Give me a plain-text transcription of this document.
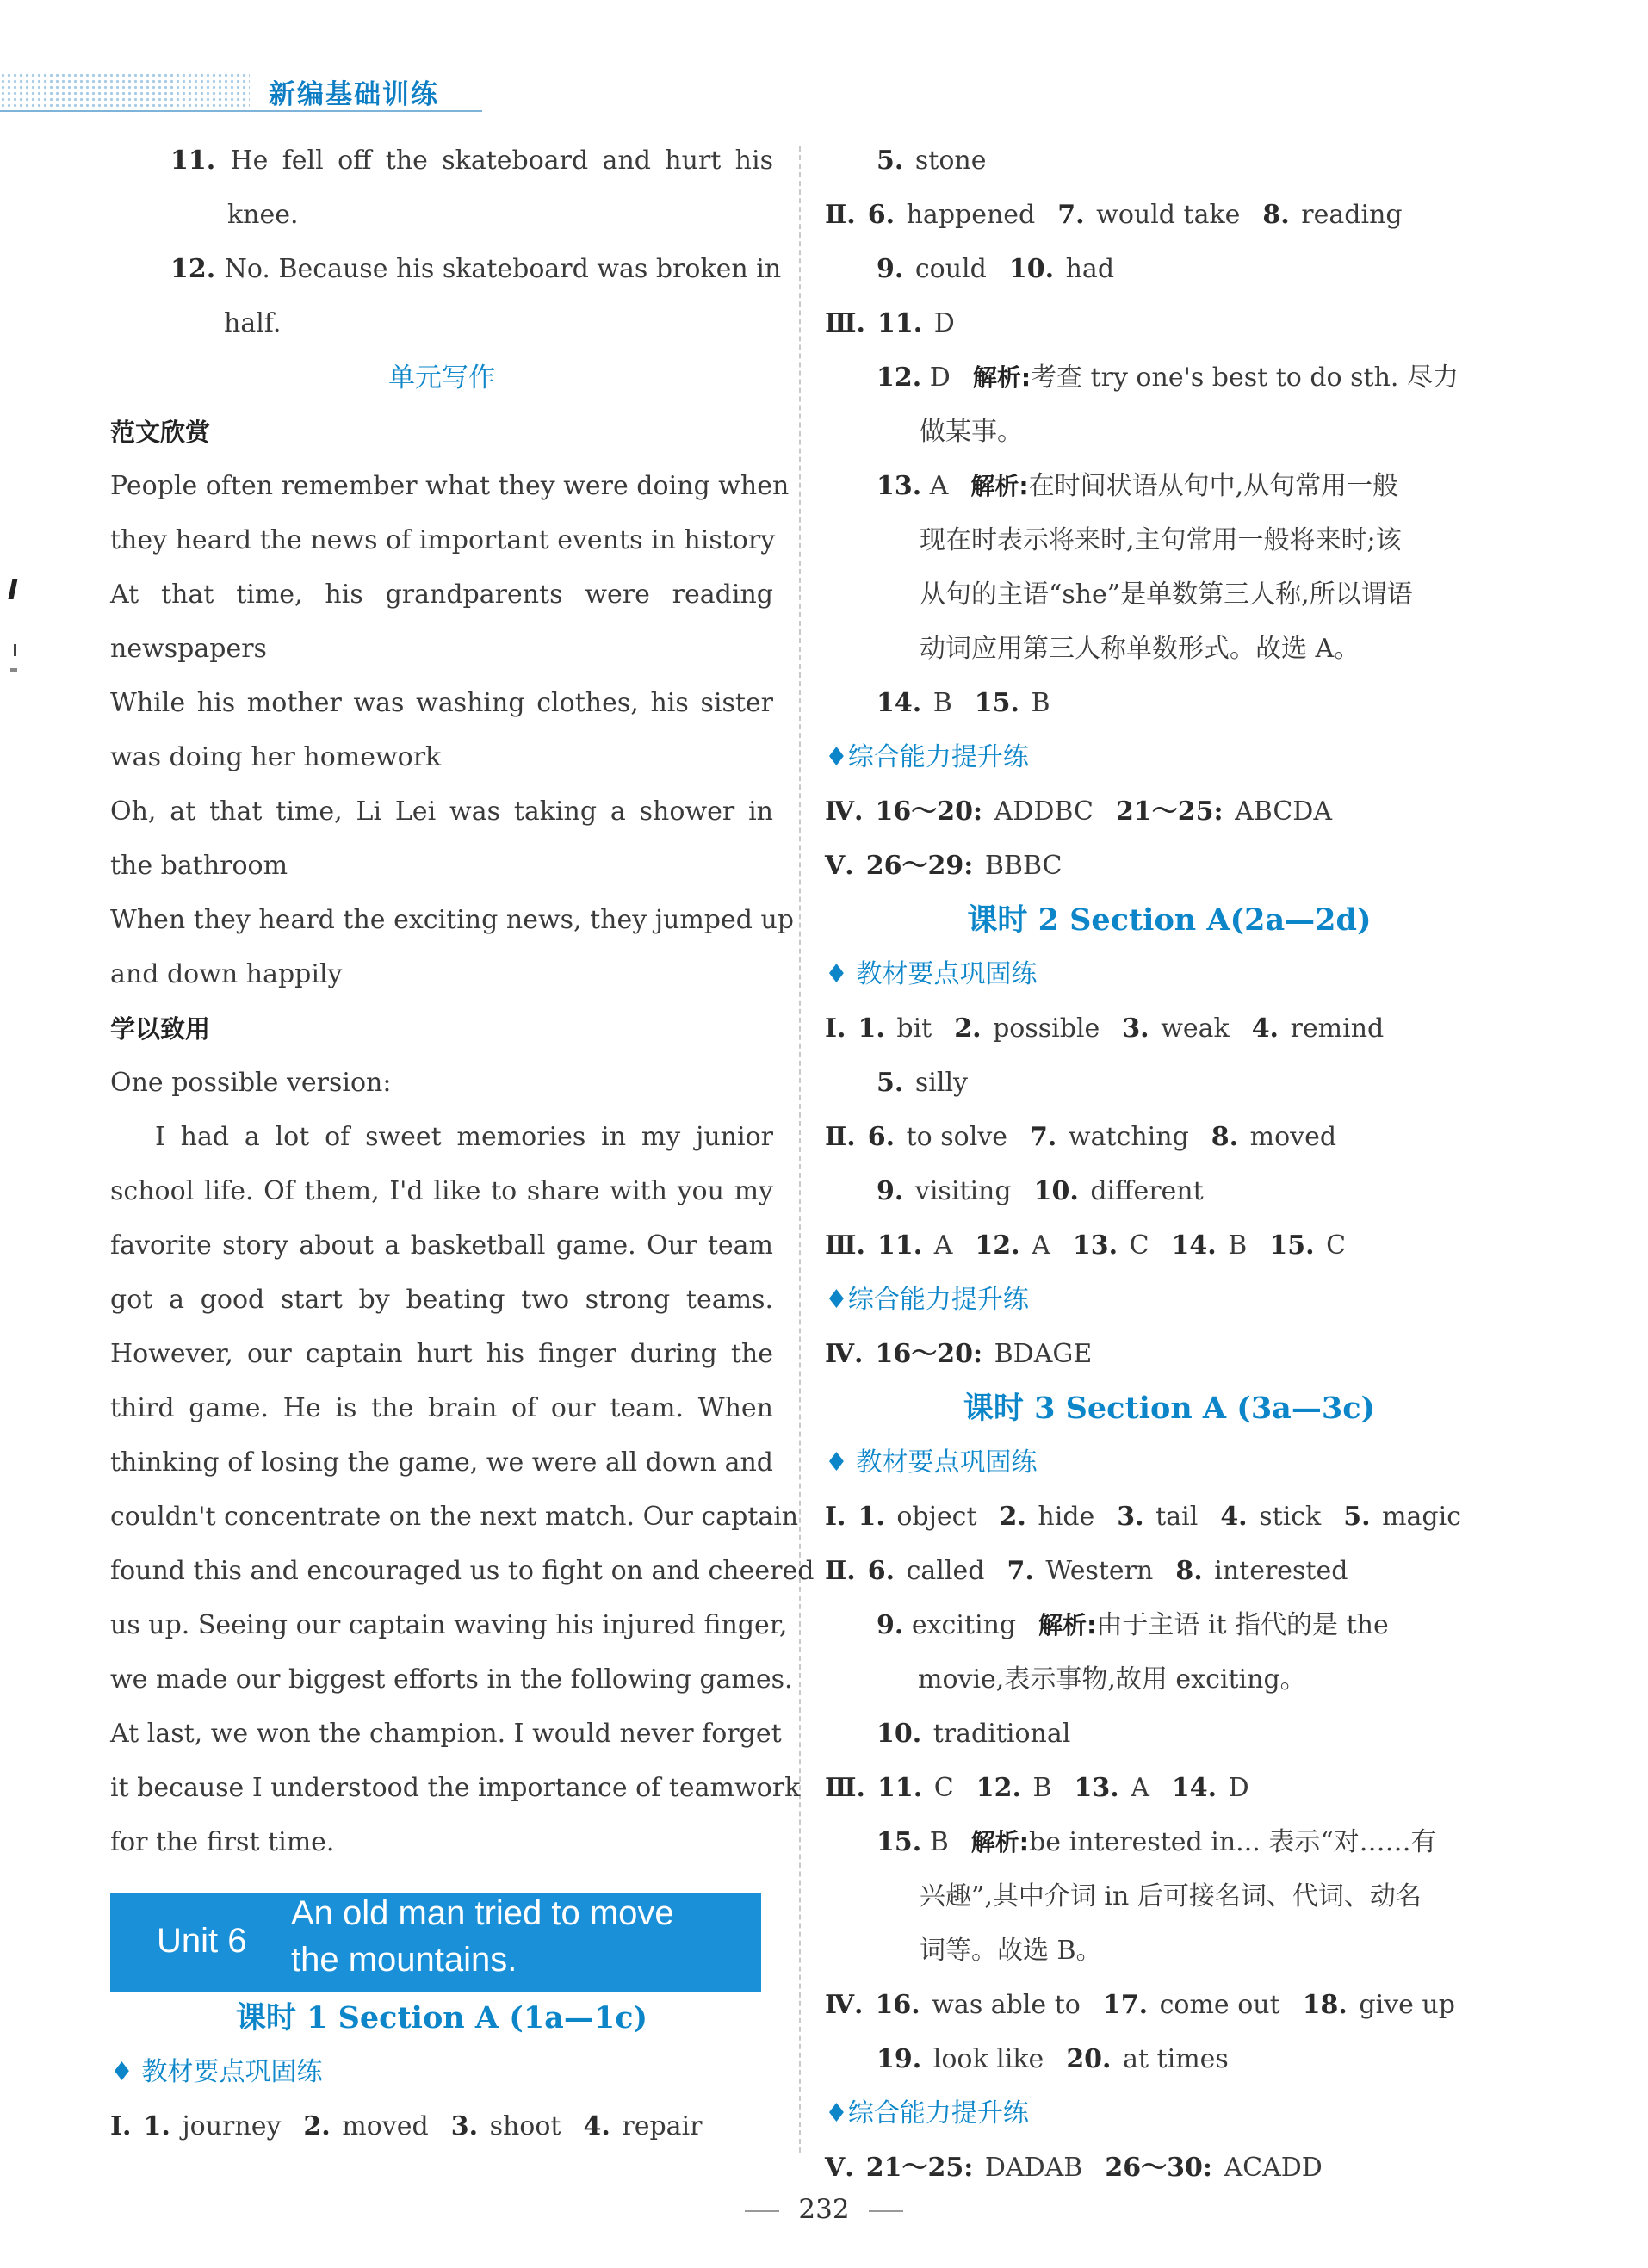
新编基础训练
11. He fell off the skateboard and hurt his
knee.
12. No. Because his skateboard was broken in
half.
单元写作
范文欣赏
People often remember what they were doing when
they heard the news of important events in history
At that time, his grandparents were reading
newspapers
While his mother was washing clothes, his sister
was doing her homework
Oh, at that time, Li Lei was taking a shower in
the bathroom
When they heard the exciting news, they jumped up
and down happily
学以致用
One possible version:
I had a lot of sweet memories in my junior
school life. Of them, I'd like to share with you my
favorite story about a basketball game. Our team
got a good start by beating two strong teams.
However, our captain hurt his finger during the
third game. He is the brain of our team. When
thinking of losing the game, we were all down and
couldn't concentrate on the next match. Our captain
found this and encouraged us to fight on and cheered
us up. Seeing our captain waving his injured finger,
we made our biggest efforts in the following games.
At last, we won the champion. I would never forget
it because I understood the importance of teamwork
for the first time.
课时 1 Section A (1a—1c)
♦ 教材要点巩固练
Ⅰ. 1. journey 2. moved 3. shoot 4. repair
Unit 6
An old man tried to move
the mountains.
5. stone
Ⅱ. 6. happened 7. would take 8. reading
9. could 10. had
Ⅲ. 11. D
12. D 解析:考查 try one's best to do sth. 尽力
做某事。
13. A 解析:在时间状语从句中,从句常用一般
现在时表示将来时,主句常用一般将来时;该
从句的主语“she”是单数第三人称,所以谓语
动词应用第三人称单数形式。故选 A。
14. B 15. B
♦综合能力提升练
Ⅳ. 16～20: ADDBC 21～25: ABCDA
Ⅴ. 26～29: BBBC
课时 2 Section A(2a—2d)
♦ 教材要点巩固练
Ⅰ. 1. bit 2. possible 3. weak 4. remind
5. silly
Ⅱ. 6. to solve 7. watching 8. moved
9. visiting 10. different
Ⅲ. 11. A 12. A 13. C 14. B 15. C
♦综合能力提升练
Ⅳ. 16～20: BDAGE
课时 3 Section A (3a—3c)
♦ 教材要点巩固练
Ⅰ. 1. object 2. hide 3. tail 4. stick 5. magic
Ⅱ. 6. called 7. Western 8. interested
9. exciting 解析:由于主语 it 指代的是 the
movie,表示事物,故用 exciting。
10. traditional
Ⅲ. 11. C 12. B 13. A 14. D
15. B 解析:be interested in... 表示“对……有
兴趣”,其中介词 in 后可接名词、代词、动名
词等。故选 B。
Ⅳ. 16. was able to 17. come out 18. give up
19. look like 20. at times
♦综合能力提升练
Ⅴ. 21～25: DADAB 26～30: ACADD
232
